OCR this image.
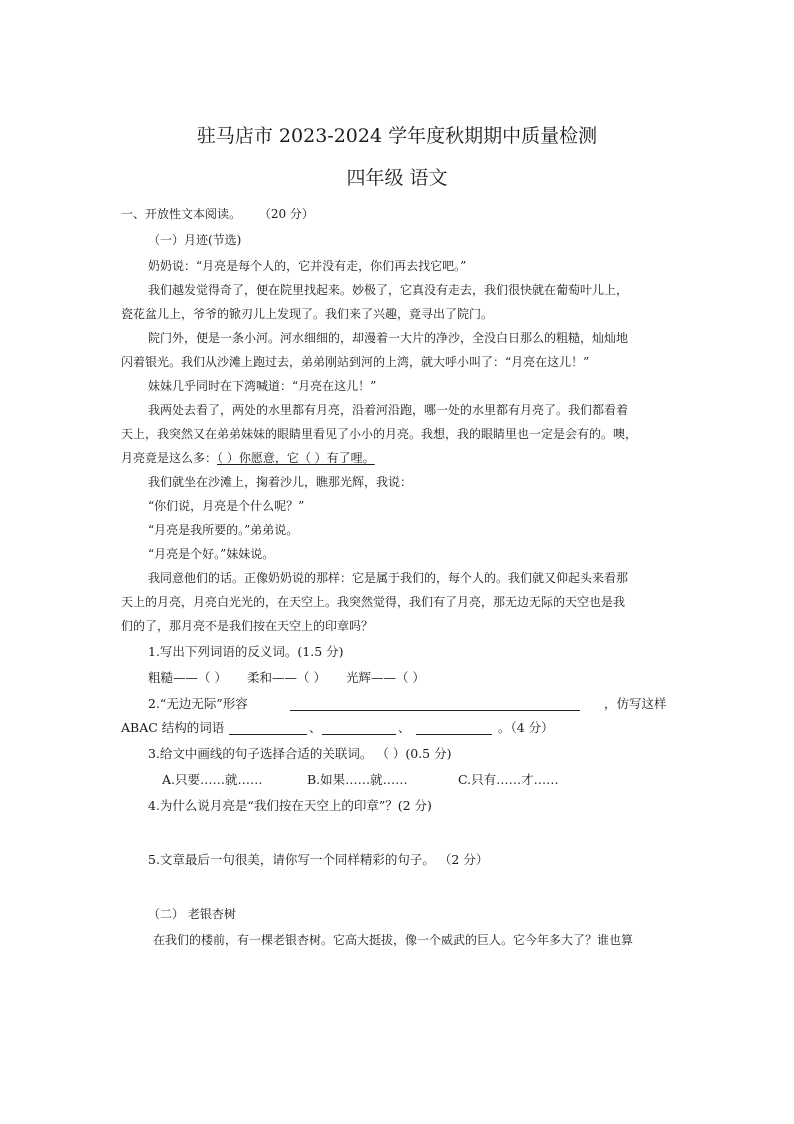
驻马店市 2023-2024 学年度秋期期中质量检测
四年级 语文
一、开放性文本阅读。 （20 分）
（一）月迹(节选)
奶奶说：“月亮是每个人的，它并没有走，你们再去找它吧。”
我们越发觉得奇了，便在院里找起来。妙极了，它真没有走去，我们很快就在葡萄叶儿上，
瓷花盆儿上，爷爷的锨刃儿上发现了。我们来了兴趣，竟寻出了院门。
院门外，便是一条小河。河水细细的，却漫着一大片的净沙，全没白日那么的粗糙，灿灿地
闪着银光。我们从沙滩上跑过去，弟弟刚站到河的上湾，就大呼小叫了：“月亮在这儿！”
妹妹几乎同时在下湾喊道：“月亮在这儿！”
我两处去看了，两处的水里都有月亮，沿着河沿跑，哪一处的水里都有月亮了。我们都看着
天上，我突然又在弟弟妹妹的眼睛里看见了小小的月亮。我想，我的眼睛里也一定是会有的。噢，
月亮竟是这么多：（ ）你愿意，它（ ）有了哩。
我们就坐在沙滩上，掬着沙儿，瞧那光辉，我说：
“你们说，月亮是个什么呢？”
“月亮是我所要的。”弟弟说。
“月亮是个好。”妹妹说。
我同意他们的话。正像奶奶说的那样：它是属于我们的，每个人的。我们就又仰起头来看那
天上的月亮，月亮白光光的，在天空上。我突然觉得，我们有了月亮，那无边无际的天空也是我
们的了，那月亮不是我们按在天空上的印章吗？
1.写出下列词语的反义词。(1.5 分)
粗糙——（ ） 柔和——（ ） 光辉——（ ）
2.“无边无际”形容	，仿写这样
ABAC 结构的词语	、	、	。（4 分）
3.给文中画线的句子选择合适的关联词。 （ ）(0.5 分)
A.只要……就……	B.如果……就……	C.只有……才……
4.为什么说月亮是“我们按在天空上的印章”？(2 分)
5.文章最后一句很美，请你写一个同样精彩的句子。 （2 分）
（二） 老银杏树
在我们的楼前，有一棵老银杏树。它高大挺拔，像一个威武的巨人。它今年多大了？谁也算
